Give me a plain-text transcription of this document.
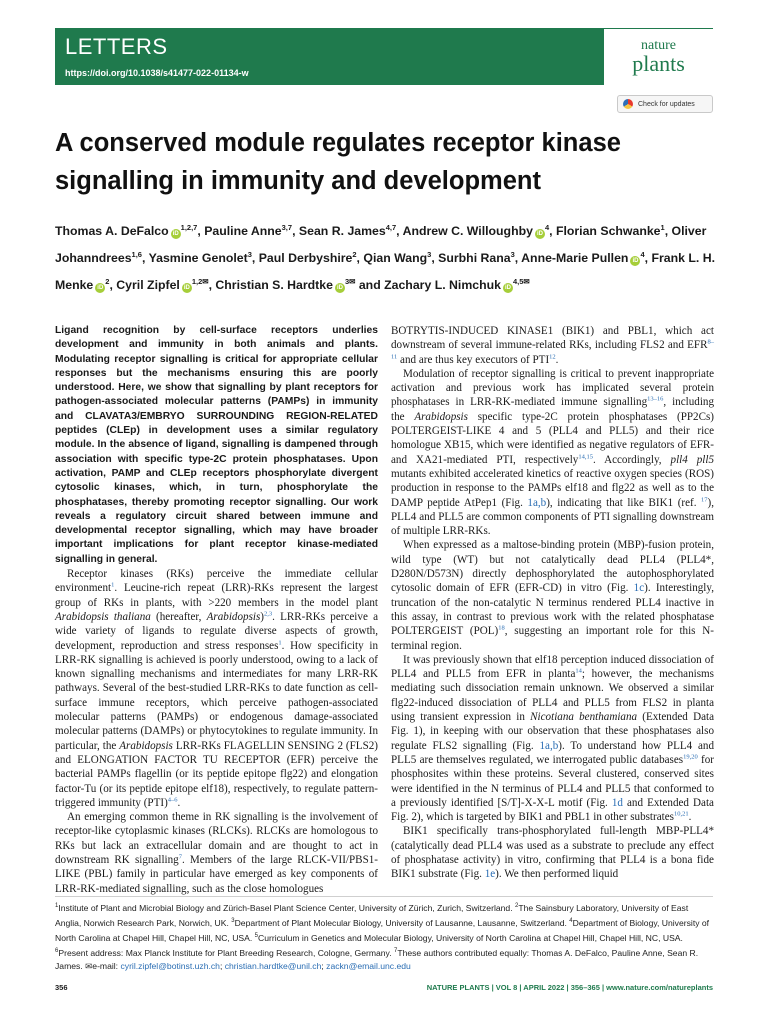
LETTERS
https://doi.org/10.1038/s41477-022-01134-w
nature
plants
Check for updates
A conserved module regulates receptor kinase signalling in immunity and development
Thomas A. DeFalco iD$^{1,2,7}$, Pauline Anne$^{3,7}$, Sean R. James$^{4,7}$, Andrew C. Willoughby $iD^4$, Florian Schwanke$^1$, Oliver Johanndrees$^{1,6}$, Yasmine Genolet$^3$, Paul Derbyshire$^2$, Qian Wang$^3$, Surbhi Rana$^3$, Anne-Marie Pullen $iD^4$, Frank L. H. Menke $iD^2$, Cyril Zipfel $iD^{1,2✉}$, Christian S. Hardtke $iD^{3✉}$ and Zachary L. Nimchuk $iD^{4,5✉}$

Ligand recognition by cell-surface receptors underlies development and immunity in both animals and plants. Modulating receptor signalling is critical for appropriate cellular responses but the mechanisms ensuring this are poorly understood. Here, we show that signalling by plant receptors for pathogen-associated molecular patterns (PAMPs) in immunity and CLAVATA3/EMBRYO SURROUNDING REGION-RELATED peptides (CLEp) in development uses a similar regulatory module. In the absence of ligand, signalling is dampened through association with specific type-2C protein phosphatases. Upon activation, PAMP and CLEp receptors phosphorylate divergent cytosolic kinases, which, in turn, phosphorylate the phosphatases, thereby promoting receptor signalling. Our work reveals a regulatory circuit shared between immune and developmental receptor signalling, which may have broader important implications for plant receptor kinase-mediated signalling in general.

Receptor kinases (RKs) perceive the immediate cellular environment$^1$. Leucine-rich repeat (LRR)-RKs represent the largest group of RKs in plants, with >220 members in the model plant Arabidopsis thaliana (hereafter, Arabidopsis)$^{2,3}$. LRR-RKs perceive a wide variety of ligands to regulate diverse aspects of growth, development, reproduction and stress responses$^1$. How specificity in LRR-RK signalling is achieved is poorly understood, owing to a lack of known signalling mechanisms and intermediates for many LRR-RK pathways. Several of the best-studied LRR-RKs to date function as cell-surface immune receptors, which perceive pathogen-associated molecular patterns (PAMPs) or endogenous damage-associated molecular patterns (DAMPs) or phytocytokines to regulate immunity. In particular, the Arabidopsis LRR-RKs FLAGELLIN SENSING 2 (FLS2) and ELONGATION FACTOR TU RECEPTOR (EFR) perceive the bacterial PAMPs flagellin (or its peptide epitope flg22) and elongation factor-Tu (or its peptide epitope elf18), respectively, to regulate pattern-triggered immunity (PTI)$^{4-6}$.

An emerging common theme in RK signalling is the involvement of receptor-like cytoplasmic kinases (RLCKs). RLCKs are homologous to RKs but lack an extracellular domain and are thought to act in downstream RK signalling$^7$. Members of the large RLCK-VII/PBS1-LIKE (PBL) family in particular have emerged as key components of LRR-RK-mediated signalling, such as the close homologues

BOTRYTIS-INDUCED KINASE1 (BIK1) and PBL1, which act downstream of several immune-related RKs, including FLS2 and EFR$^{8-11}$ and are thus key executors of PTI$^{12}$.

Modulation of receptor signalling is critical to prevent inappropriate activation and previous work has implicated several protein phosphatases in LRR-RK-mediated immune signalling$^{13-16}$, including the Arabidopsis specific type-2C protein phosphatases (PP2Cs) POLTERGEIST-LIKE 4 and 5 (PLL4 and PLL5) and their rice homologue XB15, which were identified as negative regulators of EFR- and XA21-mediated PTI, respectively$^{14,15}$. Accordingly, pll4 pll5 mutants exhibited accelerated kinetics of reactive oxygen species (ROS) production in response to the PAMPs elf18 and flg22 as well as to the DAMP peptide AtPep1 (Fig. 1a,b), indicating that like BIK1 (ref. $^{17}$), PLL4 and PLL5 are common components of PTI signalling downstream of multiple LRR-RKs.

When expressed as a maltose-binding protein (MBP)-fusion protein, wild type (WT) but not catalytically dead PLL4 (PLL4*, D280N/D573N) directly dephosphorylated the autophosphorylated cytosolic domain of EFR (EFR-CD) in vitro (Fig. 1c). Interestingly, truncation of the non-catalytic N terminus rendered PLL4 inactive in this assay, in contrast to previous work with the related phosphatase POLTERGEIST (POL)$^{18}$, suggesting an important role for this N-terminal region.

It was previously shown that elf18 perception induced dissociation of PLL4 and PLL5 from EFR in planta$^{14}$; however, the mechanisms mediating such dissociation remain unknown. We observed a similar flg22-induced dissociation of PLL4 and PLL5 from FLS2 in planta using transient expression in Nicotiana benthamiana (Extended Data Fig. 1), in keeping with our observation that these phosphatases also regulate FLS2 signalling (Fig. 1a,b). To understand how PLL4 and PLL5 are themselves regulated, we interrogated public databases$^{19,20}$ for phosphosites within these proteins. Several clustered, conserved sites were identified in the N terminus of PLL4 and PLL5 that conformed to a previously identified [S/T]-X-X-L motif (Fig. 1d and Extended Data Fig. 2), which is targeted by BIK1 and PBL1 in other substrates$^{10,21}$.

BIK1 specifically trans-phosphorylated full-length MBP-PLL4* (catalytically dead PLL4 was used as a substrate to preclude any effect of phosphatase activity) in vitro, confirming that PLL4 is a bona fide BIK1 substrate (Fig. 1e). We then performed liquid

$^1$Institute of Plant and Microbial Biology and Zürich-Basel Plant Science Center, University of Zürich, Zurich, Switzerland. $^2$The Sainsbury Laboratory, University of East Anglia, Norwich Research Park, Norwich, UK. $^3$Department of Plant Molecular Biology, University of Lausanne, Lausanne, Switzerland. $^4$Department of Biology, University of North Carolina at Chapel Hill, Chapel Hill, NC, USA. $^5$Curriculum in Genetics and Molecular Biology, University of North Carolina at Chapel Hill, Chapel Hill, NC, USA. $^6$Present address: Max Planck Institute for Plant Breeding Research, Cologne, Germany. $^7$These authors contributed equally: Thomas A. DeFalco, Pauline Anne, Sean R. James. ✉e-mail: cyril.zipfel@botinst.uzh.ch; christian.hardtke@unil.ch; zackn@email.unc.edu
356	NATURE PLANTS | VOL 8 | APRIL 2022 | 356–365 | www.nature.com/natureplants
